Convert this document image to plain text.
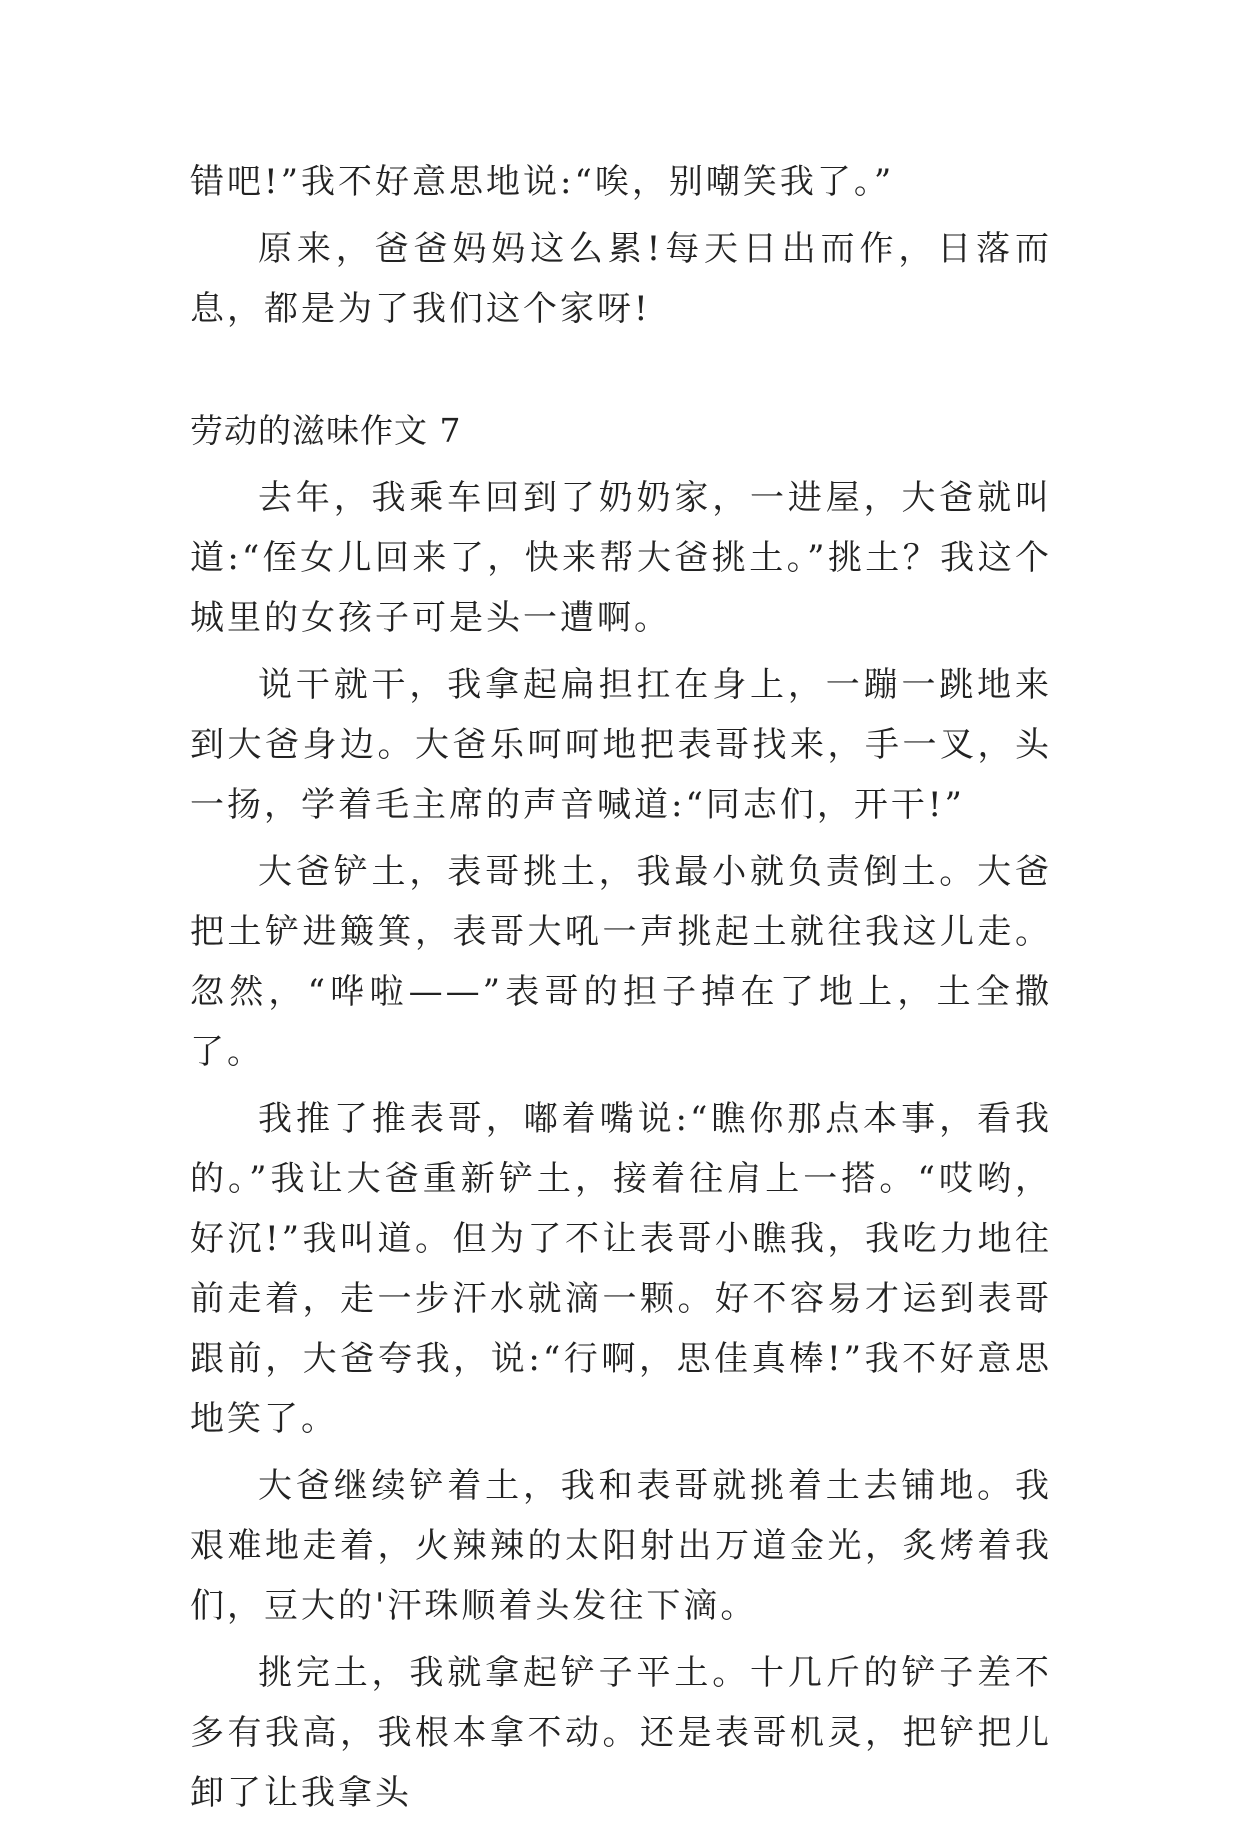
错吧!”我不好意思地说:“唉，别嘲笑我了。”

原来，爸爸妈妈这么累!每天日出而作，日落而息，都是为了我们这个家呀!

劳动的滋味作文 7

去年，我乘车回到了奶奶家，一进屋，大爸就叫道:“侄女儿回来了，快来帮大爸挑土。”挑土？我这个城里的女孩子可是头一遭啊。

说干就干，我拿起扁担扛在身上，一蹦一跳地来到大爸身边。大爸乐呵呵地把表哥找来，手一叉，头一扬，学着毛主席的声音喊道:“同志们，开干!”

大爸铲土，表哥挑土，我最小就负责倒土。大爸把土铲进簸箕，表哥大吼一声挑起土就往我这儿走。忽然，“哗啦——”表哥的担子掉在了地上，土全撒了。

我推了推表哥，嘟着嘴说:“瞧你那点本事，看我的。”我让大爸重新铲土，接着往肩上一搭。“哎哟，好沉!”我叫道。但为了不让表哥小瞧我，我吃力地往前走着，走一步汗水就滴一颗。好不容易才运到表哥跟前，大爸夸我，说:“行啊，思佳真棒!”我不好意思地笑了。

大爸继续铲着土，我和表哥就挑着土去铺地。我艰难地走着，火辣辣的太阳射出万道金光，炙烤着我们，豆大的'汗珠顺着头发往下滴。

挑完土，我就拿起铲子平土。十几斤的铲子差不多有我高，我根本拿不动。还是表哥机灵，把铲把儿卸了让我拿头
